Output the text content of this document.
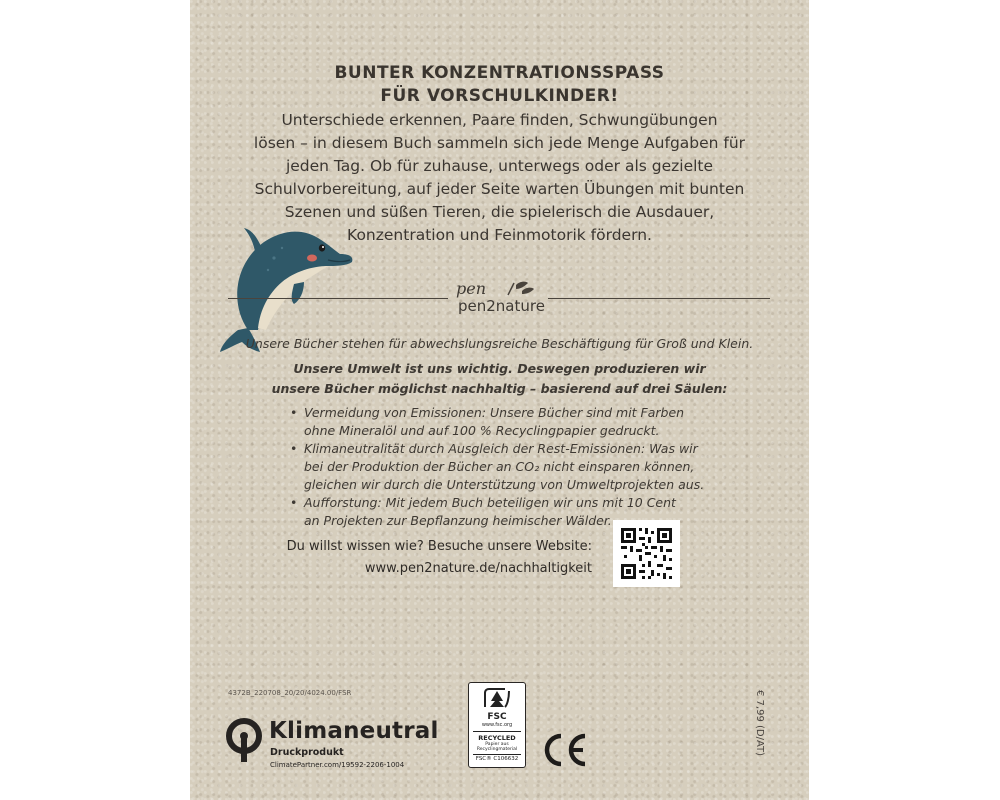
BUNTER KONZENTRATIONSSPASS
FÜR VORSCHULKINDER!
Unterschiede erkennen, Paare finden, Schwungübungen
lösen – in diesem Buch sammeln sich jede Menge Aufgaben für
jeden Tag. Ob für zuhause, unterwegs oder als gezielte
Schulvorbereitung, auf jeder Seite warten Übungen mit bunten
Szenen und süßen Tieren, die spielerisch die Ausdauer,
Konzentration und Feinmotorik fördern.
pen
pen2nature
Unsere Bücher stehen für abwechslungsreiche Beschäftigung für Groß und Klein.
Unsere Umwelt ist uns wichtig. Deswegen produzieren wir
unsere Bücher möglichst nachhaltig – basierend auf drei Säulen:
• Vermeidung von Emissionen: Unsere Bücher sind mit Farben
ohne Mineralöl und auf 100 % Recyclingpapier gedruckt.
• Klimaneutralität durch Ausgleich der Rest-Emissionen: Was wir
bei der Produktion der Bücher an CO₂ nicht einsparen können,
gleichen wir durch die Unterstützung von Umweltprojekten aus.
• Aufforstung: Mit jedem Buch beteiligen wir uns mit 10 Cent
an Projekten zur Bepflanzung heimischer Wälder.
Du willst wissen wie? Besuche unsere Website:
www.pen2nature.de/nachhaltigkeit
4372B_220708_20/20/4024.00/FSR
Klimaneutral
Druckprodukt
ClimatePartner.com/19592-2206-1004
FSC
www.fsc.org
RECYCLED
Papier aus
Recyclingmaterial
FSC® C106632
€ 7,99 (D/AT)
